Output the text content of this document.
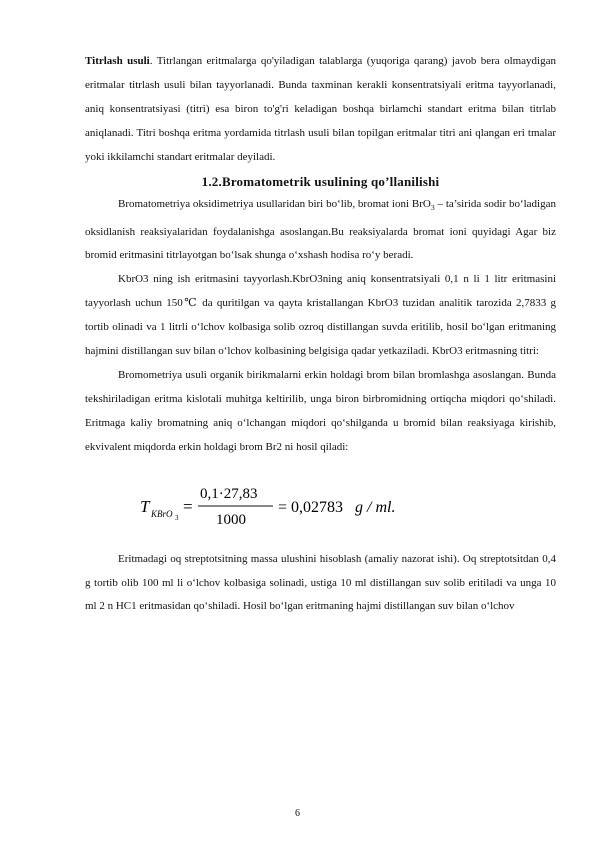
Titrlash usuli. Titrlangan eritmalarga qo'yiladigan talablarga (yuqoriga qarang) javob bera olmaydigan eritmalar titrlash usuli bilan tayyorlanadi. Bunda taxminan kerakli konsentratsiyali eritma tayyorlanadi, aniq konsentratsiyasi (titri) esa biron to'g'ri keladigan boshqa birlamchi standart eritma bilan titrlab aniqlanadi. Titri boshqa eritma yordamida titrlash usuli bilan topilgan eritmalar titri ani qlangan eri tmalar yoki ikkilamchi standart eritmalar deyiladi.

1.2.Bromatometrik usulining qo’llanilishi

Bromatometriya oksidimetriya usullaridan biri bo‘lib, bromat ioni BrO$_3$ – ta’sirida sodir bo‘ladigan oksidlanish reaksiyalaridan foydalanishga asoslangan.Bu reaksiyalarda bromat ioni quyidagi Agar biz bromid eritmasini titrlayotgan bo‘lsak shunga o‘xshash hodisa ro‘y beradi.

KbrO3 ning ish eritmasini tayyorlash.KbrO3ning aniq konsentratsiyali 0,1 n li 1 litr eritmasini tayyorlash uchun 150℃ da quritilgan va qayta kristallangan KbrO3 tuzidan analitik tarozida 2,7833 g tortib olinadi va 1 litrli o‘lchov kolbasiga solib ozroq distillangan suvda eritilib, hosil bo‘lgan eritmaning hajmini distillangan suv bilan o‘lchov kolbasining belgisiga qadar yetkaziladi. KbrO3 eritmasning titri:

Bromometriya usuli organik birikmalarni erkin holdagi brom bilan bromlashga asoslangan. Bunda tekshiriladigan eritma kislotali muhitga keltirilib, unga biron birbromidning ortiqcha miqdori qo‘shiladi. Eritmaga kaliy bromatning aniq o‘lchangan miqdori qo‘shilganda u bromid bilan reaksiyaga kirishib, ekvivalent miqdorda erkin holdagi brom Br2 ni hosil qiladi:

T KBrO 3
=
0,1·27,83
1000
= 0,02783 g / ml.

Eritmadagi oq streptotsitning massa ulushini hisoblash (amaliy nazorat ishi). Oq streptotsitdan 0,4 g tortib olib 100 ml li o‘lchov kolbasiga solinadi, ustiga 10 ml distillangan suv solib eritiladi va unga 10 ml 2 n HC1 eritmasidan qo‘shiladi. Hosil bo‘lgan eritmaning hajmi distillangan suv bilan o‘lchov

6
